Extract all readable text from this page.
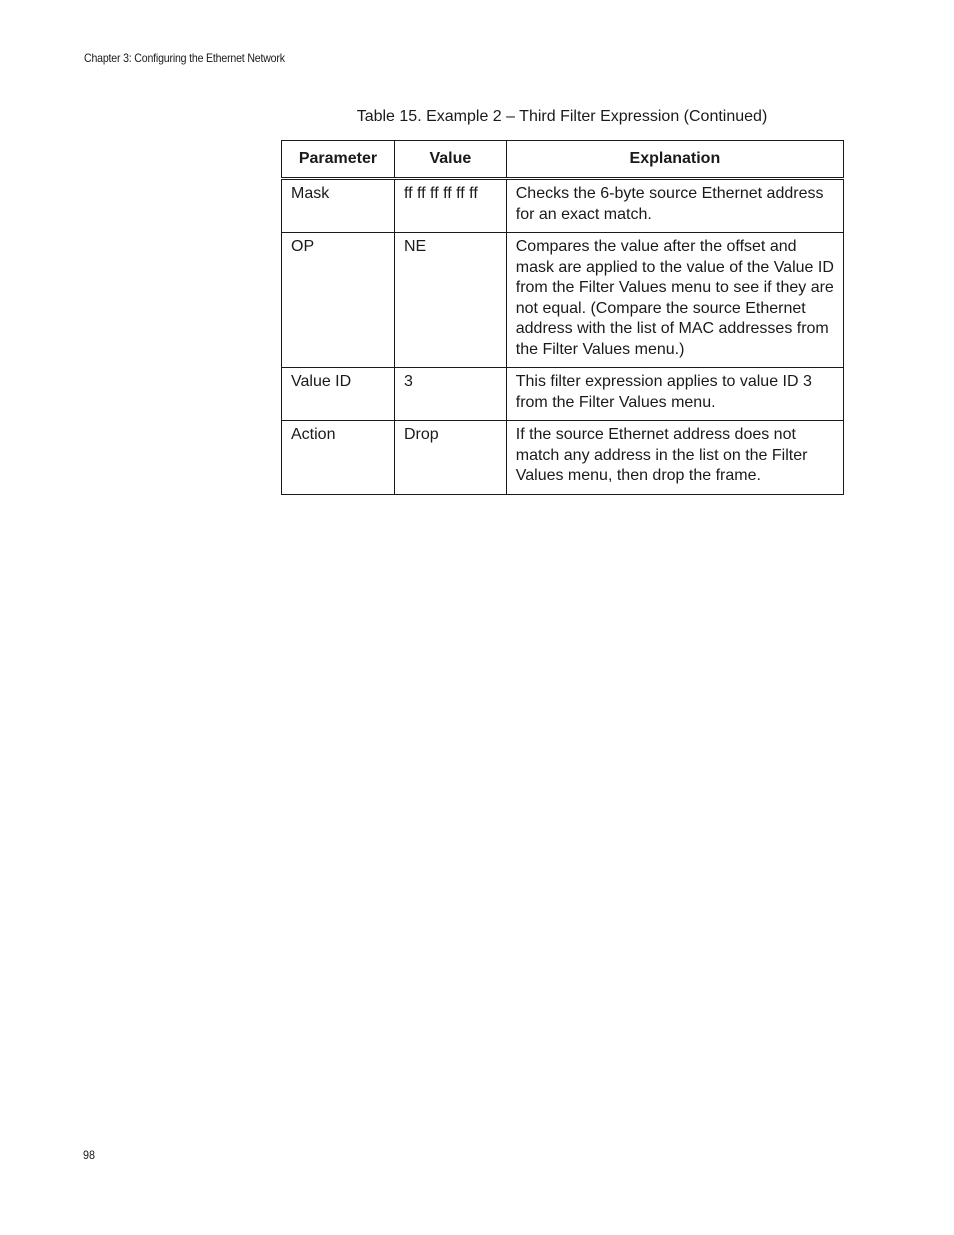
Chapter 3: Configuring the Ethernet Network
Table 15. Example 2 – Third Filter Expression (Continued)
Parameter	Value	Explanation
Mask	ff ff ff ff ff ff	Checks the 6-byte source Ethernet address for an exact match.
OP	NE	Compares the value after the offset and mask are applied to the value of the Value ID from the Filter Values menu to see if they are not equal. (Compare the source Ethernet address with the list of MAC addresses from the Filter Values menu.)
Value ID	3	This filter expression applies to value ID 3 from the Filter Values menu.
Action	Drop	If the source Ethernet address does not match any address in the list on the Filter Values menu, then drop the frame.
98
